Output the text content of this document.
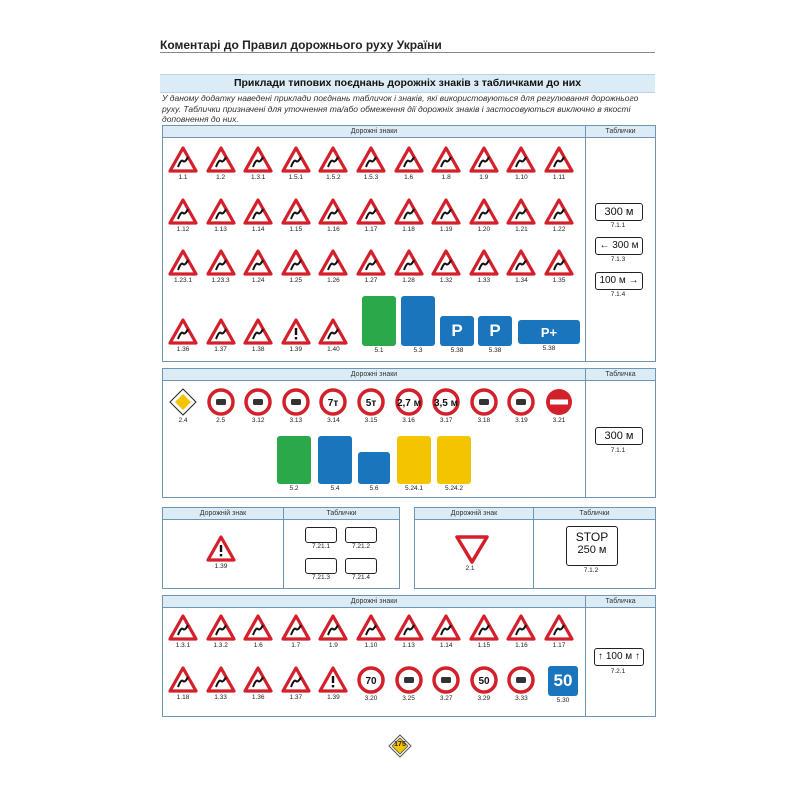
Коментарі до Правил дорожнього руху України
Приклади типових поєднань дорожніх знаків з табличками до них
У даному додатку наведені приклади поєднань табличок і знаків, які використовуються для регулювання дорожнього руху. Таблички призначені для уточнення та/або обмеження дії дорожніх знаків і застосовуються виключно в якості доповнення до них.
Дорожні знаки	Таблички
300 м
7.1.1
← 300 м
7.1.3
100 м →
7.1.4
Дорожні знаки	Табличка
300 м
7.1.1
Дорожній знак	Таблички	Дорожній знак	Таблички
STOP
250 м
7.1.2
Дорожні знаки	Табличка
↑ 100 м ↑
7.2.1
175
1.1	1.2	1.3.1	1.5.1	1.5.2	1.5.3	1.6	1.8	1.9	1.10	1.11
1.12	1.13	1.14	1.15	1.16	1.17	1.18	1.19	1.20	1.21	1.22
1.23.1	1.23.3	1.24	1.25	1.26	1.27	1.28	1.32	1.33	1.34	1.35
1.36	1.37	1.38	1.39	1.40	5.1	5.3
P
5.38
P
5.38
P+
5.38
2.4	2.5	3.12	3.13
7т
3.14
5т
3.15
2,7 м
3.16
3,5 м
3.17	3.18	3.19	3.21
5.2	5.4	5.6	5.24.1	5.24.2
1.39
7.21.1	7.21.2
7.21.3	7.21.4
2.1
1.3.1	1.3.2	1.6	1.7	1.9	1.10	1.13	1.14	1.15	1.16	1.17
1.18	1.33	1.36	1.37	1.39
70
3.20	3.25	3.27
50
3.29	3.33
50
5.30
